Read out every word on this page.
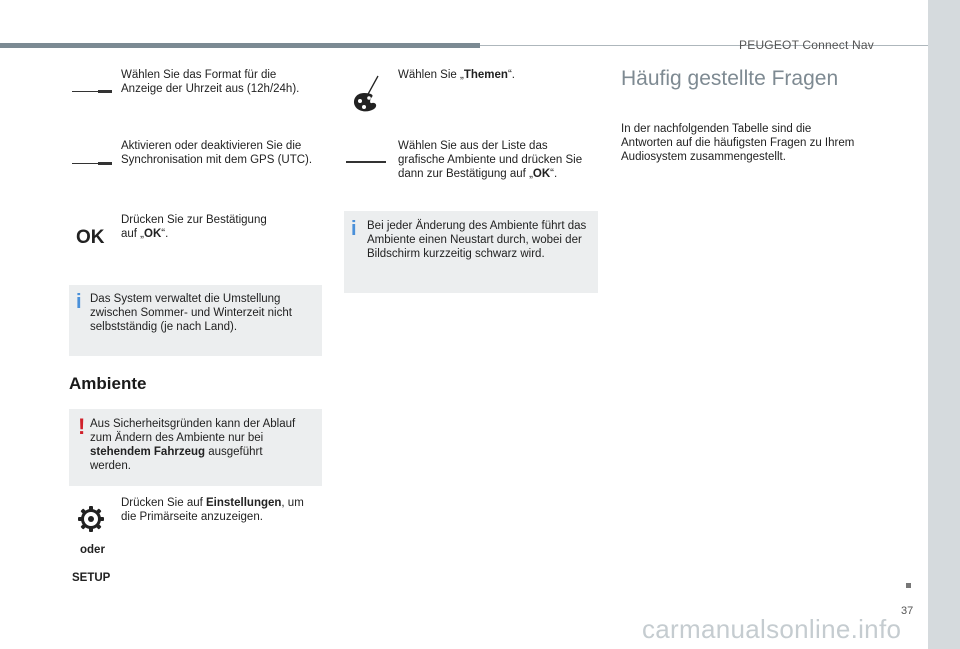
PEUGEOT Connect Nav
Wählen Sie das Format für die Anzeige der Uhrzeit aus (12h/24h).
Aktivieren oder deaktivieren Sie die Synchronisation mit dem GPS (UTC).
OK
Drücken Sie zur Bestätigung auf „OK“.
i Das System verwaltet die Umstellung zwischen Sommer- und Winterzeit nicht selbstständig (je nach Land).
Ambiente
! Aus Sicherheitsgründen kann der Ablauf zum Ändern des Ambiente nur bei stehendem Fahrzeug ausgeführt werden.
oder
SETUP
Drücken Sie auf Einstellungen, um die Primärseite anzuzeigen.
Wählen Sie „Themen“.
Wählen Sie aus der Liste das grafische Ambiente und drücken Sie dann zur Bestätigung auf „OK“.
i Bei jeder Änderung des Ambiente führt das Ambiente einen Neustart durch, wobei der Bildschirm kurzzeitig schwarz wird.
Häufig gestellte Fragen
In der nachfolgenden Tabelle sind die Antworten auf die häufigsten Fragen zu Ihrem Audiosystem zusammengestellt.
37
carmanualsonline.info
